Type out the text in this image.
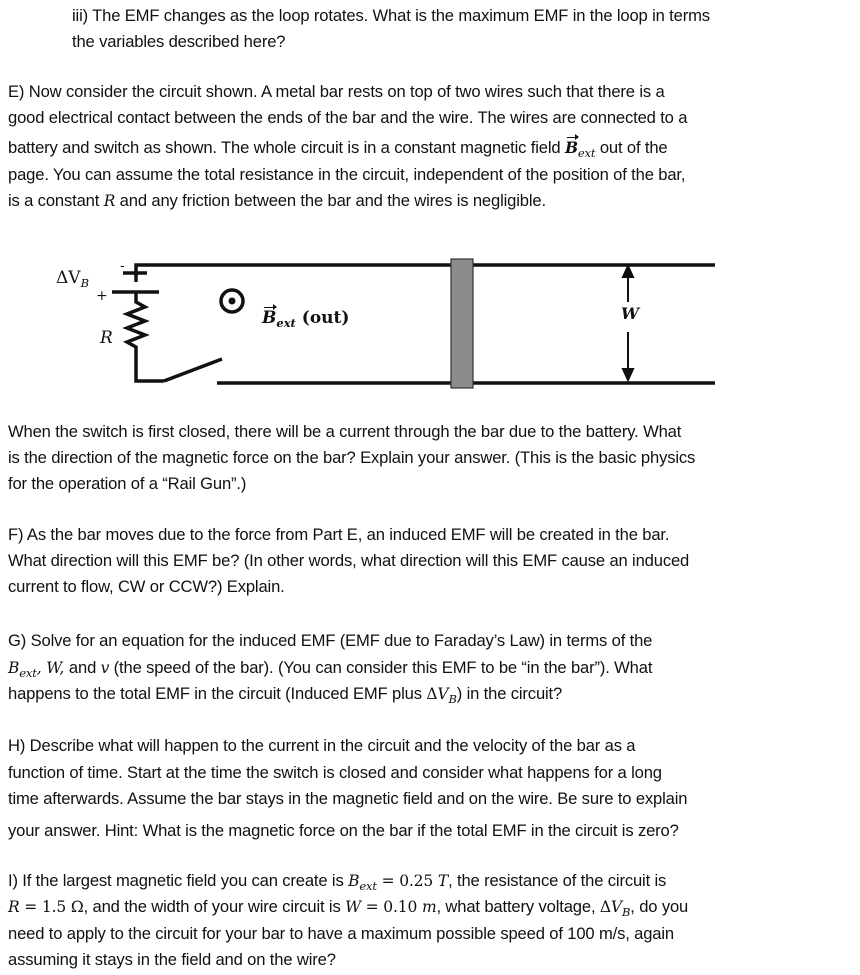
iii) The EMF changes as the loop rotates. What is the maximum EMF in the loop in terms
the variables described here?
E) Now consider the circuit shown. A metal bar rests on top of two wires such that there is a
good electrical contact between the ends of the bar and the wire. The wires are connected to a
battery and switch as shown. The whole circuit is in a constant magnetic field $B_{ext}$ out of the
page. You can assume the total resistance in the circuit, independent of the position of the bar,
is a constant R and any friction between the bar and the wires is negligible.
$\Delta V_B$
-
+
R
$B_{ext}$ (out)	W
When the switch is first closed, there will be a current through the bar due to the battery. What
is the direction of the magnetic force on the bar? Explain your answer. (This is the basic physics
for the operation of a “Rail Gun”.)
F) As the bar moves due to the force from Part E, an induced EMF will be created in the bar.
What direction will this EMF be? (In other words, what direction will this EMF cause an induced
current to flow, CW or CCW?) Explain.
G) Solve for an equation for the induced EMF (EMF due to Faraday’s Law) in terms of the
$B_{ext}$, W, and v (the speed of the bar). (You can consider this EMF to be “in the bar”). What
happens to the total EMF in the circuit (Induced EMF plus $\Delta V_B$) in the circuit?
H) Describe what will happen to the current in the circuit and the velocity of the bar as a
function of time. Start at the time the switch is closed and consider what happens for a long
time afterwards. Assume the bar stays in the magnetic field and on the wire. Be sure to explain
your answer. Hint: What is the magnetic force on the bar if the total EMF in the circuit is zero?
I) If the largest magnetic field you can create is $B_{ext} = 0.25$ T, the resistance of the circuit is
R = 1.5 Ω, and the width of your wire circuit is W = 0.10 m, what battery voltage, $\Delta V_B$, do you
need to apply to the circuit for your bar to have a maximum possible speed of 100 m/s, again
assuming it stays in the field and on the wire?
